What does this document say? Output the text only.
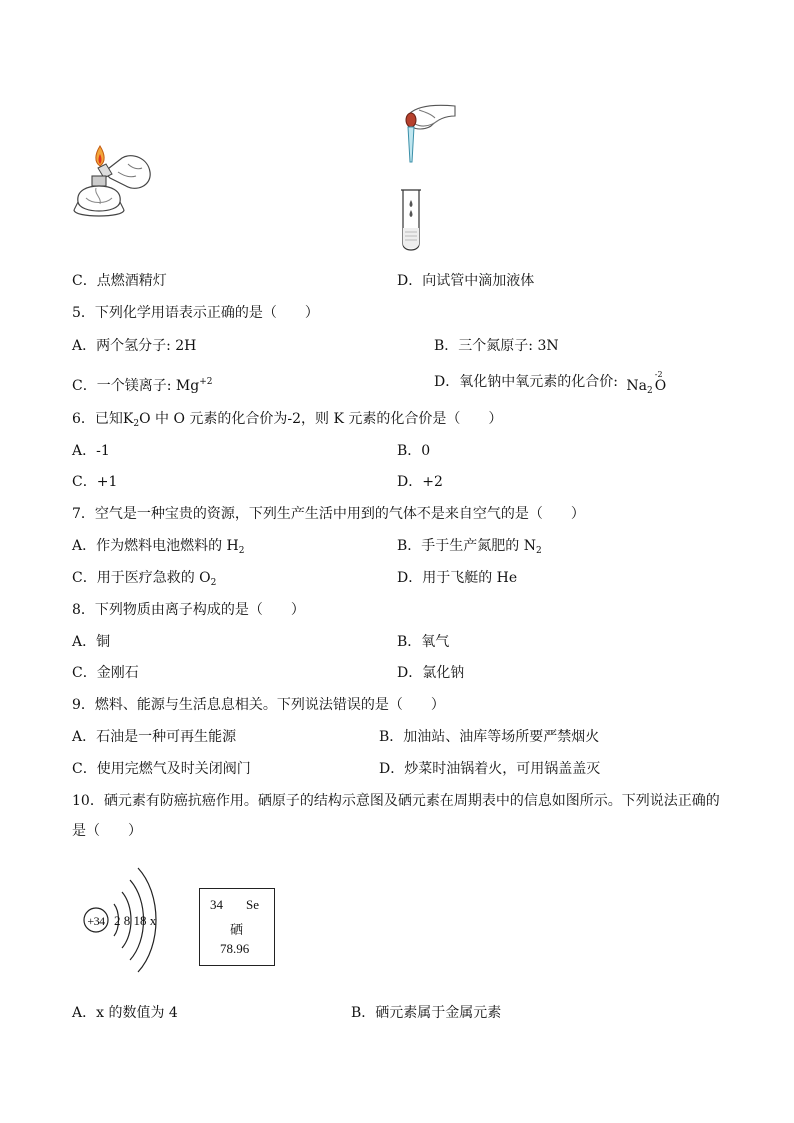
C．点燃酒精灯	D．向试管中滴加液体
5．下列化学用语表示正确的是（　　）
A．两个氢分子: 2H	B．三个氮原子: 3N
C．一个镁离子: $Mg^{+2}$	D．氧化钠中氧元素的化合价: $Na_2$ O
-2
6．已知$K_2O$ 中 O 元素的化合价为-2，则 K 元素的化合价是（　　）
A．-1	B．0
C．+1	D．+2
7．空气是一种宝贵的资源，下列生产生活中用到的气体不是来自空气的是（　　）
A．作为燃料电池燃料的 $H_2$	B．手于生产氮肥的 $N_2$
C．用于医疗急救的 $O_2$	D．用于飞艇的 He
8．下列物质由离子构成的是（　　）
A．铜	B．氧气
C．金刚石	D．氯化钠
9．燃料、能源与生活息息相关。下列说法错误的是（　　）
A．石油是一种可再生能源	B．加油站、油库等场所要严禁烟火
C．使用完燃气及时关闭阀门	D．炒菜时油锅着火，可用锅盖盖灭
10．硒元素有防癌抗癌作用。硒原子的结构示意图及硒元素在周期表中的信息如图所示。下列说法正确的
是（　　）
+34 2 8 18 x
34 Se
硒
78.96
A．x 的数值为 4	B．硒元素属于金属元素
